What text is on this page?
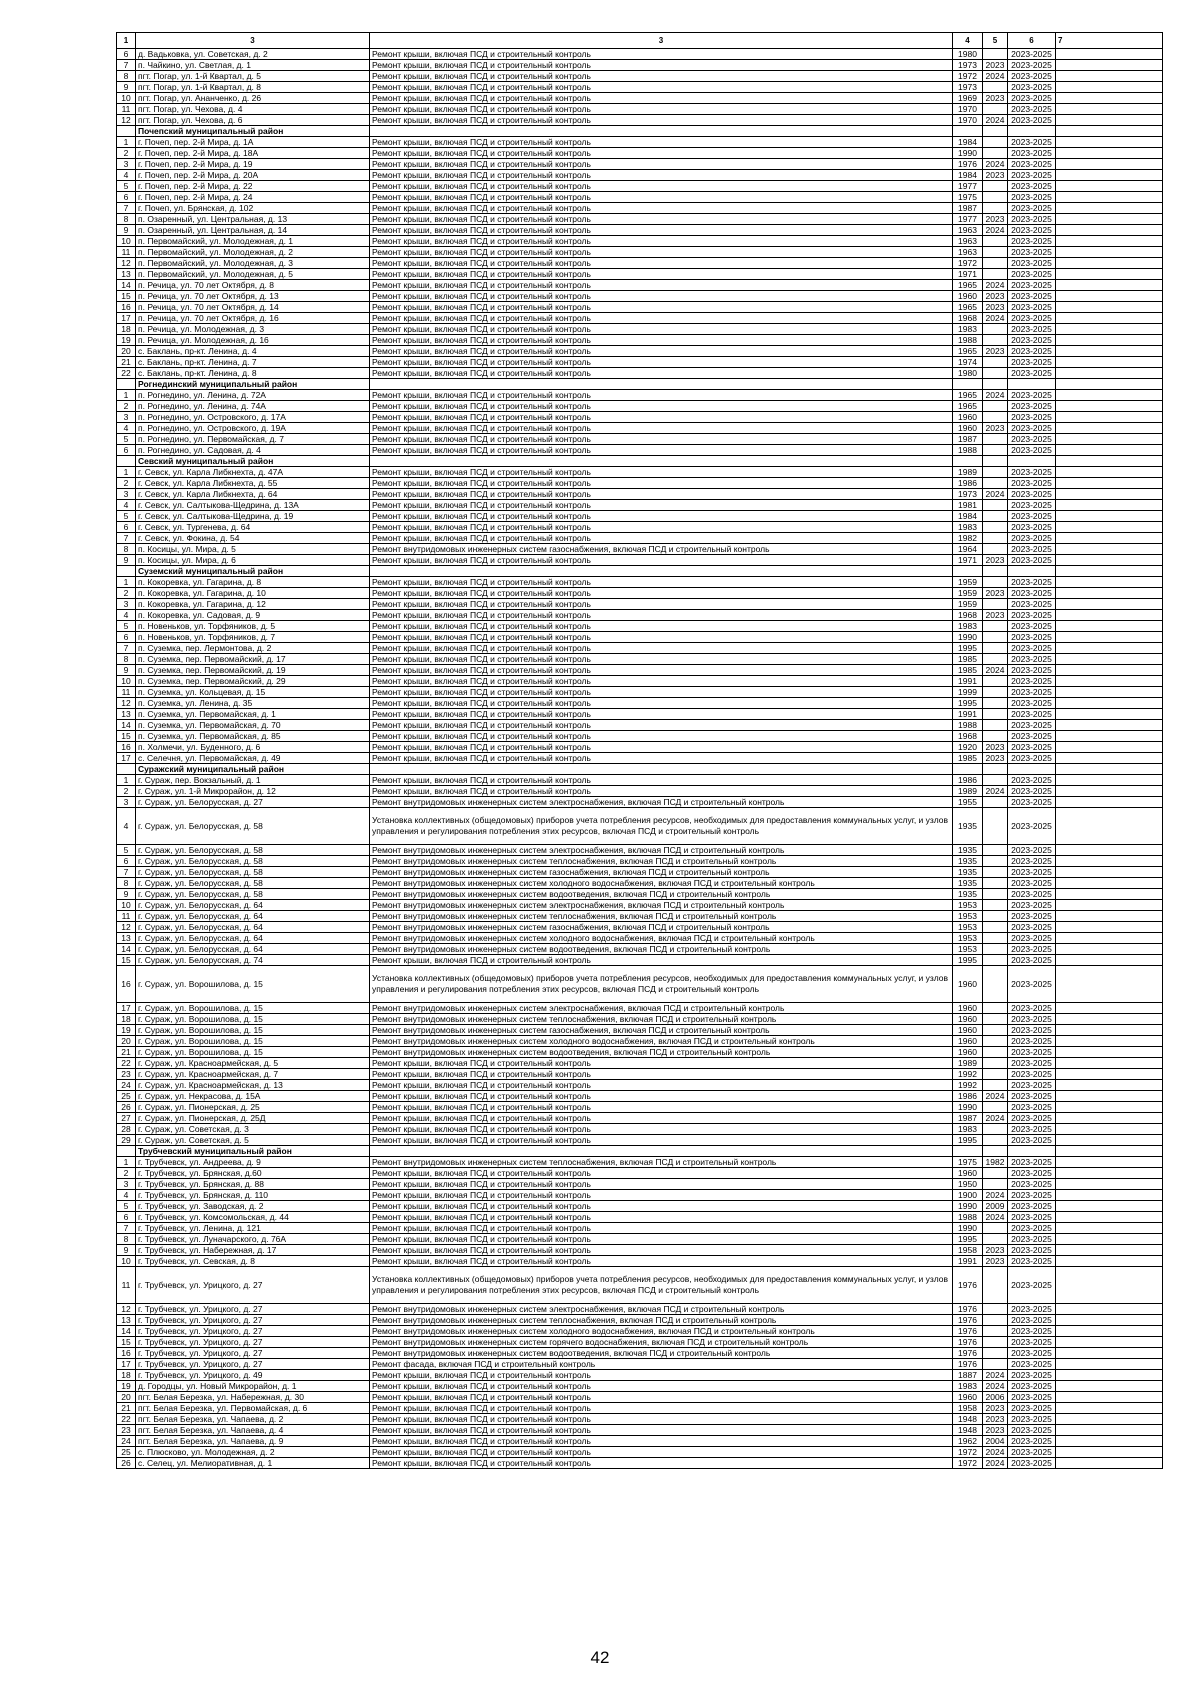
1	3	3	4	5	6	7
6	д. Вадьковка, ул. Советская, д. 2	Ремонт крыши, включая ПСД и строительный контроль	1980		2023-2025	
7	п. Чайкино, ул. Светлая, д. 1	Ремонт крыши, включая ПСД и строительный контроль	1973	2023	2023-2025	
8	пгт. Погар, ул. 1-й Квартал, д. 5	Ремонт крыши, включая ПСД и строительный контроль	1972	2024	2023-2025	
9	пгт. Погар, ул. 1-й Квартал, д. 8	Ремонт крыши, включая ПСД и строительный контроль	1973		2023-2025	
10	пгт. Погар, ул. Ананченко, д. 26	Ремонт крыши, включая ПСД и строительный контроль	1969	2023	2023-2025	
11	пгт. Погар, ул. Чехова, д. 4	Ремонт крыши, включая ПСД и строительный контроль	1970		2023-2025	
12	пгт. Погар, ул. Чехова, д. 6	Ремонт крыши, включая ПСД и строительный контроль	1970	2024	2023-2025	
	Почепский муниципальный район					
1	г. Почеп, пер. 2-й Мира, д. 1А	Ремонт крыши, включая ПСД и строительный контроль	1984		2023-2025	
2	г. Почеп, пер. 2-й Мира, д. 18А	Ремонт крыши, включая ПСД и строительный контроль	1990		2023-2025	
3	г. Почеп, пер. 2-й Мира, д. 19	Ремонт крыши, включая ПСД и строительный контроль	1976	2024	2023-2025	
4	г. Почеп, пер. 2-й Мира, д. 20А	Ремонт крыши, включая ПСД и строительный контроль	1984	2023	2023-2025	
5	г. Почеп, пер. 2-й Мира, д. 22	Ремонт крыши, включая ПСД и строительный контроль	1977		2023-2025	
6	г. Почеп, пер. 2-й Мира, д. 24	Ремонт крыши, включая ПСД и строительный контроль	1975		2023-2025	
7	г. Почеп, ул. Брянская, д. 102	Ремонт крыши, включая ПСД и строительный контроль	1987		2023-2025	
8	п. Озаренный, ул. Центральная, д. 13	Ремонт крыши, включая ПСД и строительный контроль	1977	2023	2023-2025	
9	п. Озаренный, ул. Центральная, д. 14	Ремонт крыши, включая ПСД и строительный контроль	1963	2024	2023-2025	
10	п. Первомайский, ул. Молодежная, д. 1	Ремонт крыши, включая ПСД и строительный контроль	1963		2023-2025	
11	п. Первомайский, ул. Молодежная, д. 2	Ремонт крыши, включая ПСД и строительный контроль	1963		2023-2025	
12	п. Первомайский, ул. Молодежная, д. 3	Ремонт крыши, включая ПСД и строительный контроль	1972		2023-2025	
13	п. Первомайский, ул. Молодежная, д. 5	Ремонт крыши, включая ПСД и строительный контроль	1971		2023-2025	
14	п. Речица, ул. 70 лет Октября, д. 8	Ремонт крыши, включая ПСД и строительный контроль	1965	2024	2023-2025	
15	п. Речица, ул. 70 лет Октября, д. 13	Ремонт крыши, включая ПСД и строительный контроль	1960	2023	2023-2025	
16	п. Речица, ул. 70 лет Октября, д. 14	Ремонт крыши, включая ПСД и строительный контроль	1965	2023	2023-2025	
17	п. Речица, ул. 70 лет Октября, д. 16	Ремонт крыши, включая ПСД и строительный контроль	1968	2024	2023-2025	
18	п. Речица, ул. Молодежная, д. 3	Ремонт крыши, включая ПСД и строительный контроль	1983		2023-2025	
19	п. Речица, ул. Молодежная, д. 16	Ремонт крыши, включая ПСД и строительный контроль	1988		2023-2025	
20	с. Баклань, пр-кт. Ленина, д. 4	Ремонт крыши, включая ПСД и строительный контроль	1965	2023	2023-2025	
21	с. Баклань, пр-кт. Ленина, д. 7	Ремонт крыши, включая ПСД и строительный контроль	1974		2023-2025	
22	с. Баклань, пр-кт. Ленина, д. 8	Ремонт крыши, включая ПСД и строительный контроль	1980		2023-2025	
	Рогнединский муниципальный район					
1	п. Рогнедино, ул. Ленина, д. 72А	Ремонт крыши, включая ПСД и строительный контроль	1965	2024	2023-2025	
2	п. Рогнедино, ул. Ленина, д. 74А	Ремонт крыши, включая ПСД и строительный контроль	1965		2023-2025	
3	п. Рогнедино, ул. Островского, д. 17А	Ремонт крыши, включая ПСД и строительный контроль	1960		2023-2025	
4	п. Рогнедино, ул. Островского, д. 19А	Ремонт крыши, включая ПСД и строительный контроль	1960	2023	2023-2025	
5	п. Рогнедино, ул. Первомайская, д. 7	Ремонт крыши, включая ПСД и строительный контроль	1987		2023-2025	
6	п. Рогнедино, ул. Садовая, д. 4	Ремонт крыши, включая ПСД и строительный контроль	1988		2023-2025	
	Севский муниципальный район					
1	г. Севск, ул. Карла Либкнехта, д. 47А	Ремонт крыши, включая ПСД и строительный контроль	1989		2023-2025	
2	г. Севск, ул. Карла Либкнехта, д. 55	Ремонт крыши, включая ПСД и строительный контроль	1986		2023-2025	
3	г. Севск, ул. Карла Либкнехта, д. 64	Ремонт крыши, включая ПСД и строительный контроль	1973	2024	2023-2025	
4	г. Севск, ул. Салтыкова-Щедрина, д. 13А	Ремонт крыши, включая ПСД и строительный контроль	1981		2023-2025	
5	г. Севск, ул. Салтыкова-Щедрина, д. 19	Ремонт крыши, включая ПСД и строительный контроль	1984		2023-2025	
6	г. Севск, ул. Тургенева, д. 64	Ремонт крыши, включая ПСД и строительный контроль	1983		2023-2025	
7	г. Севск, ул. Фокина, д. 54	Ремонт крыши, включая ПСД и строительный контроль	1982		2023-2025	
8	п. Косицы, ул. Мира, д. 5	Ремонт внутридомовых инженерных систем газоснабжения, включая ПСД и строительный контроль	1964		2023-2025	
9	п. Косицы, ул. Мира, д. 6	Ремонт крыши, включая ПСД и строительный контроль	1971	2023	2023-2025	
	Суземский муниципальный район					
1	п. Кокоревка, ул. Гагарина, д. 8	Ремонт крыши, включая ПСД и строительный контроль	1959		2023-2025	
2	п. Кокоревка, ул. Гагарина, д. 10	Ремонт крыши, включая ПСД и строительный контроль	1959	2023	2023-2025	
3	п. Кокоревка, ул. Гагарина, д. 12	Ремонт крыши, включая ПСД и строительный контроль	1959		2023-2025	
4	п. Кокоревка, ул. Садовая, д. 9	Ремонт крыши, включая ПСД и строительный контроль	1968	2023	2023-2025	
5	п. Новеньков, ул. Торфяников, д. 5	Ремонт крыши, включая ПСД и строительный контроль	1983		2023-2025	
6	п. Новеньков, ул. Торфяников, д. 7	Ремонт крыши, включая ПСД и строительный контроль	1990		2023-2025	
7	п. Суземка, пер. Лермонтова, д. 2	Ремонт крыши, включая ПСД и строительный контроль	1995		2023-2025	
8	п. Суземка, пер. Первомайский, д. 17	Ремонт крыши, включая ПСД и строительный контроль	1985		2023-2025	
9	п. Суземка, пер. Первомайский, д. 19	Ремонт крыши, включая ПСД и строительный контроль	1985	2024	2023-2025	
10	п. Суземка, пер. Первомайский, д. 29	Ремонт крыши, включая ПСД и строительный контроль	1991		2023-2025	
11	п. Суземка, ул. Кольцевая, д. 15	Ремонт крыши, включая ПСД и строительный контроль	1999		2023-2025	
12	п. Суземка, ул. Ленина, д. 35	Ремонт крыши, включая ПСД и строительный контроль	1995		2023-2025	
13	п. Суземка, ул. Первомайская, д. 1	Ремонт крыши, включая ПСД и строительный контроль	1991		2023-2025	
14	п. Суземка, ул. Первомайская, д. 70	Ремонт крыши, включая ПСД и строительный контроль	1988		2023-2025	
15	п. Суземка, ул. Первомайская, д. 85	Ремонт крыши, включая ПСД и строительный контроль	1968		2023-2025	
16	п. Холмечи, ул. Буденного, д. 6	Ремонт крыши, включая ПСД и строительный контроль	1920	2023	2023-2025	
17	с. Селечня, ул. Первомайская, д. 49	Ремонт крыши, включая ПСД и строительный контроль	1985	2023	2023-2025	
	Суражский муниципальный район					
1	г. Сураж, пер. Вокзальный, д. 1	Ремонт крыши, включая ПСД и строительный контроль	1986		2023-2025	
2	г. Сураж, ул. 1-й Микрорайон, д. 12	Ремонт крыши, включая ПСД и строительный контроль	1989	2024	2023-2025	
3	г. Сураж, ул. Белорусская, д. 27	Ремонт внутридомовых инженерных систем электроснабжения, включая ПСД и строительный контроль	1955		2023-2025	
4	г. Сураж, ул. Белорусская, д. 58	Установка коллективных (общедомовых) приборов учета потребления ресурсов, необходимых для предоставления коммунальных услуг, и узлов управления и регулирования потребления этих ресурсов, включая ПСД и строительный контроль	1935		2023-2025	
5	г. Сураж, ул. Белорусская, д. 58	Ремонт внутридомовых инженерных систем электроснабжения, включая ПСД и строительный контроль	1935		2023-2025	
6	г. Сураж, ул. Белорусская, д. 58	Ремонт внутридомовых инженерных систем теплоснабжения, включая ПСД и строительный контроль	1935		2023-2025	
7	г. Сураж, ул. Белорусская, д. 58	Ремонт внутридомовых инженерных систем газоснабжения, включая ПСД и строительный контроль	1935		2023-2025	
8	г. Сураж, ул. Белорусская, д. 58	Ремонт внутридомовых инженерных систем холодного водоснабжения, включая ПСД и строительный контроль	1935		2023-2025	
9	г. Сураж, ул. Белорусская, д. 58	Ремонт внутридомовых инженерных систем водоотведения, включая ПСД и строительный контроль	1935		2023-2025	
10	г. Сураж, ул. Белорусская, д. 64	Ремонт внутридомовых инженерных систем электроснабжения, включая ПСД и строительный контроль	1953		2023-2025	
11	г. Сураж, ул. Белорусская, д. 64	Ремонт внутридомовых инженерных систем теплоснабжения, включая ПСД и строительный контроль	1953		2023-2025	
12	г. Сураж, ул. Белорусская, д. 64	Ремонт внутридомовых инженерных систем газоснабжения, включая ПСД и строительный контроль	1953		2023-2025	
13	г. Сураж, ул. Белорусская, д. 64	Ремонт внутридомовых инженерных систем холодного водоснабжения, включая ПСД и строительный контроль	1953		2023-2025	
14	г. Сураж, ул. Белорусская, д. 64	Ремонт внутридомовых инженерных систем водоотведения, включая ПСД и строительный контроль	1953		2023-2025	
15	г. Сураж, ул. Белорусская, д. 74	Ремонт крыши, включая ПСД и строительный контроль	1995		2023-2025	
16	г. Сураж, ул. Ворошилова, д. 15	Установка коллективных (общедомовых) приборов учета потребления ресурсов, необходимых для предоставления коммунальных услуг, и узлов управления и регулирования потребления этих ресурсов, включая ПСД и строительный контроль	1960		2023-2025	
17	г. Сураж, ул. Ворошилова, д. 15	Ремонт внутридомовых инженерных систем электроснабжения, включая ПСД и строительный контроль	1960		2023-2025	
18	г. Сураж, ул. Ворошилова, д. 15	Ремонт внутридомовых инженерных систем теплоснабжения, включая ПСД и строительный контроль	1960		2023-2025	
19	г. Сураж, ул. Ворошилова, д. 15	Ремонт внутридомовых инженерных систем газоснабжения, включая ПСД и строительный контроль	1960		2023-2025	
20	г. Сураж, ул. Ворошилова, д. 15	Ремонт внутридомовых инженерных систем холодного водоснабжения, включая ПСД и строительный контроль	1960		2023-2025	
21	г. Сураж, ул. Ворошилова, д. 15	Ремонт внутридомовых инженерных систем водоотведения, включая ПСД и строительный контроль	1960		2023-2025	
22	г. Сураж, ул. Красноармейская, д. 5	Ремонт крыши, включая ПСД и строительный контроль	1989		2023-2025	
23	г. Сураж, ул. Красноармейская, д. 7	Ремонт крыши, включая ПСД и строительный контроль	1992		2023-2025	
24	г. Сураж, ул. Красноармейская, д. 13	Ремонт крыши, включая ПСД и строительный контроль	1992		2023-2025	
25	г. Сураж, ул. Некрасова, д. 15А	Ремонт крыши, включая ПСД и строительный контроль	1986	2024	2023-2025	
26	г. Сураж, ул. Пионерская, д. 25	Ремонт крыши, включая ПСД и строительный контроль	1990		2023-2025	
27	г. Сураж, ул. Пионерская, д. 25Д	Ремонт крыши, включая ПСД и строительный контроль	1987	2024	2023-2025	
28	г. Сураж, ул. Советская, д. 3	Ремонт крыши, включая ПСД и строительный контроль	1983		2023-2025	
29	г. Сураж, ул. Советская, д. 5	Ремонт крыши, включая ПСД и строительный контроль	1995		2023-2025	
	Трубчевский муниципальный район					
1	г. Трубчевск, ул. Андреева, д. 9	Ремонт внутридомовых инженерных систем теплоснабжения, включая ПСД и строительный контроль	1975	1982	2023-2025	
2	г. Трубчевск, ул. Брянская, д.60	Ремонт крыши, включая ПСД и строительный контроль	1960		2023-2025	
3	г. Трубчевск, ул. Брянская, д. 88	Ремонт крыши, включая ПСД и строительный контроль	1950		2023-2025	
4	г. Трубчевск, ул. Брянская, д. 110	Ремонт крыши, включая ПСД и строительный контроль	1900	2024	2023-2025	
5	г. Трубчевск, ул. Заводская, д. 2	Ремонт крыши, включая ПСД и строительный контроль	1990	2009	2023-2025	
6	г. Трубчевск, ул. Комсомольская, д. 44	Ремонт крыши, включая ПСД и строительный контроль	1988	2024	2023-2025	
7	г. Трубчевск, ул. Ленина, д. 121	Ремонт крыши, включая ПСД и строительный контроль	1990		2023-2025	
8	г. Трубчевск, ул. Луначарского, д. 76А	Ремонт крыши, включая ПСД и строительный контроль	1995		2023-2025	
9	г. Трубчевск, ул. Набережная, д. 17	Ремонт крыши, включая ПСД и строительный контроль	1958	2023	2023-2025	
10	г. Трубчевск, ул. Севская, д. 8	Ремонт крыши, включая ПСД и строительный контроль	1991	2023	2023-2025	
11	г. Трубчевск, ул. Урицкого, д. 27	Установка коллективных (общедомовых) приборов учета потребления ресурсов, необходимых для предоставления коммунальных услуг, и узлов управления и регулирования потребления этих ресурсов, включая ПСД и строительный контроль	1976		2023-2025	
12	г. Трубчевск, ул. Урицкого, д. 27	Ремонт внутридомовых инженерных систем электроснабжения, включая ПСД и строительный контроль	1976		2023-2025	
13	г. Трубчевск, ул. Урицкого, д. 27	Ремонт внутридомовых инженерных систем теплоснабжения, включая ПСД и строительный контроль	1976		2023-2025	
14	г. Трубчевск, ул. Урицкого, д. 27	Ремонт внутридомовых инженерных систем холодного водоснабжения, включая ПСД и строительный контроль	1976		2023-2025	
15	г. Трубчевск, ул. Урицкого, д. 27	Ремонт внутридомовых инженерных систем горячего водоснабжения, включая ПСД и строительный контроль	1976		2023-2025	
16	г. Трубчевск, ул. Урицкого, д. 27	Ремонт внутридомовых инженерных систем водоотведения, включая ПСД и строительный контроль	1976		2023-2025	
17	г. Трубчевск, ул. Урицкого, д. 27	Ремонт фасада, включая ПСД и строительный контроль	1976		2023-2025	
18	г. Трубчевск, ул. Урицкого, д. 49	Ремонт крыши, включая ПСД и строительный контроль	1887	2024	2023-2025	
19	д. Городцы, ул. Новый Микрорайон, д. 1	Ремонт крыши, включая ПСД и строительный контроль	1983	2024	2023-2025	
20	пгт. Белая Березка, ул. Набережная, д. 30	Ремонт крыши, включая ПСД и строительный контроль	1960	2006	2023-2025	
21	пгт. Белая Березка, ул. Первомайская, д. 6	Ремонт крыши, включая ПСД и строительный контроль	1958	2023	2023-2025	
22	пгт. Белая Березка, ул. Чапаева, д. 2	Ремонт крыши, включая ПСД и строительный контроль	1948	2023	2023-2025	
23	пгт. Белая Березка, ул. Чапаева, д. 4	Ремонт крыши, включая ПСД и строительный контроль	1948	2023	2023-2025	
24	пгт. Белая Березка, ул. Чапаева, д. 9	Ремонт крыши, включая ПСД и строительный контроль	1962	2004	2023-2025	
25	с. Плюсково, ул. Молодежная, д. 2	Ремонт крыши, включая ПСД и строительный контроль	1972	2024	2023-2025	
26	с. Селец, ул. Мелиоративная, д. 1	Ремонт крыши, включая ПСД и строительный контроль	1972	2024	2023-2025	
42
